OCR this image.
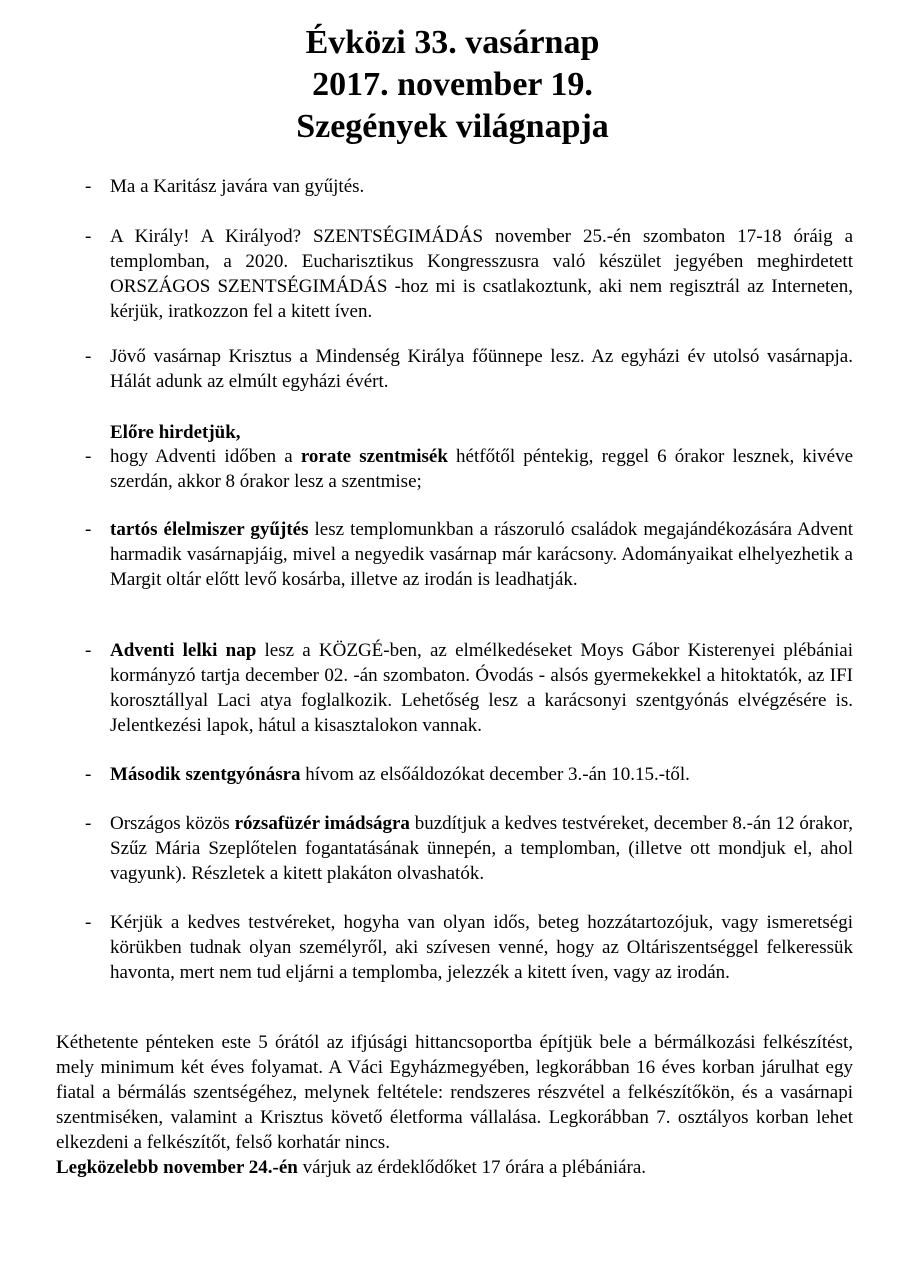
Évközi 33. vasárnap
2017. november 19.
Szegények világnapja
- Ma a Karitász javára van gyűjtés.
- A Király! A Királyod? SZENTSÉGIMÁDÁS november 25.-én szombaton 17-18 óráig a templomban, a 2020. Eucharisztikus Kongresszusra való készület jegyében meghirdetett ORSZÁGOS SZENTSÉGIMÁDÁS -hoz mi is csatlakoztunk, aki nem regisztrál az Interneten, kérjük, iratkozzon fel a kitett íven.
- Jövő vasárnap Krisztus a Mindenség Királya főünnepe lesz. Az egyházi év utolsó vasárnapja. Hálát adunk az elmúlt egyházi évért.
Előre hirdetjük,
- hogy Adventi időben a rorate szentmisék hétfőtől péntekig, reggel 6 órakor lesznek, kivéve szerdán, akkor 8 órakor lesz a szentmise;
- tartós élelmiszer gyűjtés lesz templomunkban a rászoruló családok megajándékozására Advent harmadik vasárnapjáig, mivel a negyedik vasárnap már karácsony. Adományaikat elhelyezhetik a Margit oltár előtt levő kosárba, illetve az irodán is leadhatják.
- Adventi lelki nap lesz a KÖZGÉ-ben, az elmélkedéseket Moys Gábor Kisterenyei plébániai kormányzó tartja december 02. -án szombaton. Óvodás - alsós gyermekekkel a hitoktatók, az IFI korosztállyal Laci atya foglalkozik. Lehetőség lesz a karácsonyi szentgyónás elvégzésére is. Jelentkezési lapok, hátul a kisasztalokon vannak.
- Második szentgyónásra hívom az elsőáldozókat december 3.-án 10.15.-től.
- Országos közös rózsafüzér imádságra buzdítjuk a kedves testvéreket, december 8.-án 12 órakor, Szűz Mária Szeplőtelen fogantatásának ünnepén, a templomban, (illetve ott mondjuk el, ahol vagyunk). Részletek a kitett plakáton olvashatók.
- Kérjük a kedves testvéreket, hogyha van olyan idős, beteg hozzátartozójuk, vagy ismeretségi körükben tudnak olyan személyről, aki szívesen venné, hogy az Oltáriszentséggel felkeressük havonta, mert nem tud eljárni a templomba, jelezzék a kitett íven, vagy az irodán.
Kéthetente pénteken este 5 órától az ifjúsági hittancsoportba építjük bele a bérmálkozási felkészítést, mely minimum két éves folyamat. A Váci Egyházmegyében, legkorábban 16 éves korban járulhat egy fiatal a bérmálás szentségéhez, melynek feltétele: rendszeres részvétel a felkészítőkön, és a vasárnapi szentmiséken, valamint a Krisztus követő életforma vállalása. Legkorábban 7. osztályos korban lehet elkezdeni a felkészítőt, felső korhatár nincs.
Legközelebb november 24.-én várjuk az érdeklődőket 17 órára a plébániára.
